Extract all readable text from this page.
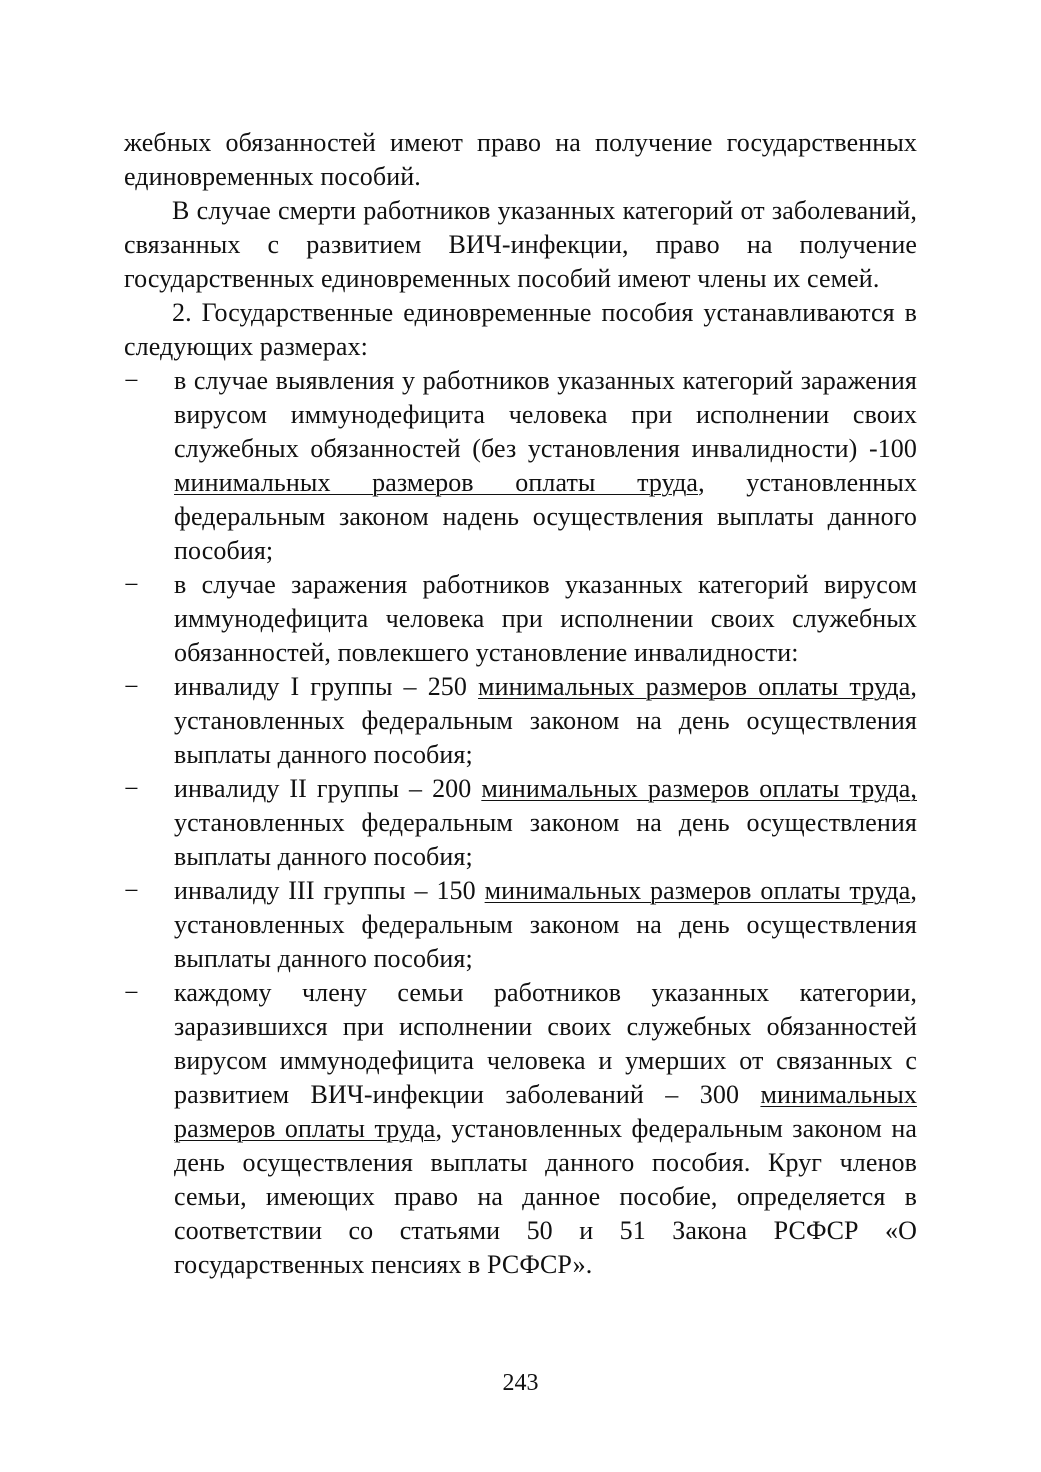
жебных обязанностей имеют право на получение государственных единовременных пособий.

В случае смерти работников указанных категорий от заболеваний, связанных с развитием ВИЧ-инфекции, право на получение государственных единовременных пособий имеют члены их семей.

2. Государственные единовременные пособия устанавливаются в следующих размерах:

− в случае выявления у работников указанных категорий заражения вирусом иммунодефицита человека при исполнении своих служебных обязанностей (без установления инвалидности) -100 минимальных размеров оплаты труда, установленных федеральным законом надень осуществления выплаты данного пособия;
− в случае заражения работников указанных категорий вирусом иммунодефицита человека при исполнении своих служебных обязанностей, повлекшего установление инвалидности:
− инвалиду I группы – 250 минимальных размеров оплаты труда, установленных федеральным законом на день осуществления выплаты данного пособия;
− инвалиду II группы – 200 минимальных размеров оплаты труда, установленных федеральным законом на день осуществления выплаты данного пособия;
− инвалиду III группы – 150 минимальных размеров оплаты труда, установленных федеральным законом на день осуществления выплаты данного пособия;
− каждому члену семьи работников указанных категории, заразившихся при исполнении своих служебных обязанностей вирусом иммунодефицита человека и умерших от связанных с развитием ВИЧ-инфекции заболеваний – 300 минимальных размеров оплаты труда, установленных федеральным законом на день осуществления выплаты данного пособия. Круг членов семьи, имеющих право на данное пособие, определяется в соответствии со статьями 50 и 51 Закона РСФСР «О государственных пенсиях в РСФСР».
243
